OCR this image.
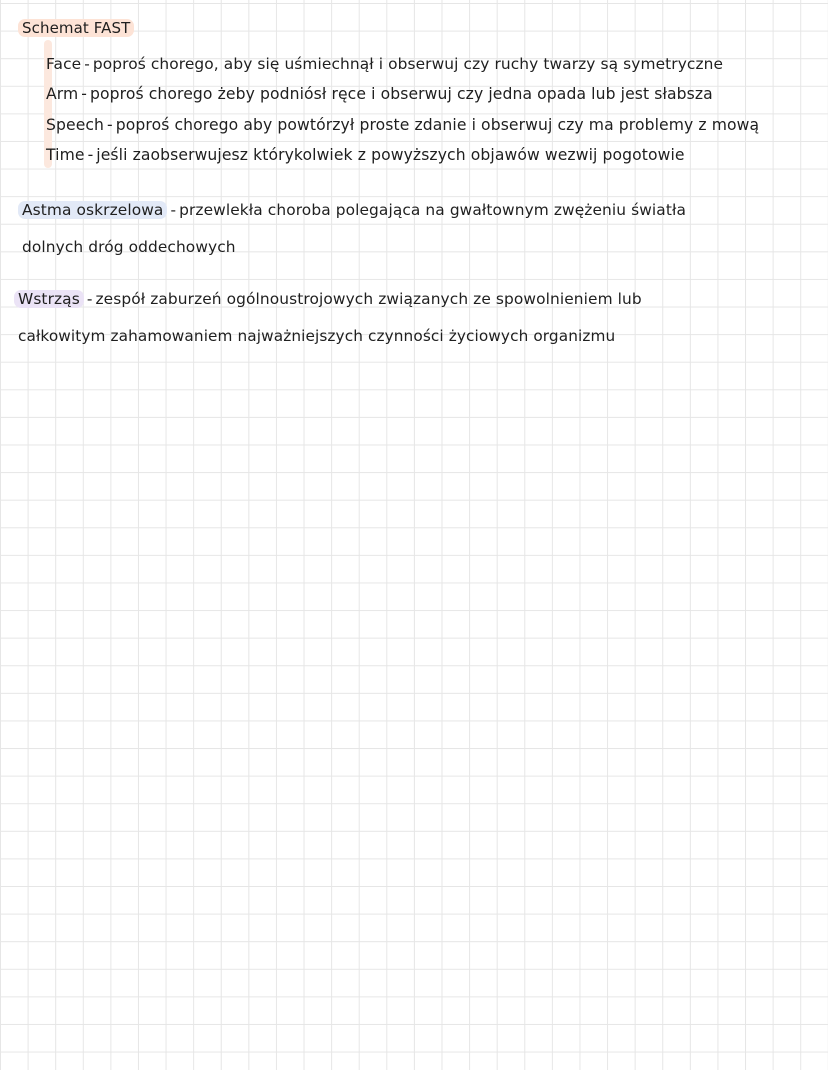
Schemat FAST
Face - poproś chorego, aby się uśmiechnął i obserwuj czy ruchy twarzy są symetryczne
Arm - poproś chorego żeby podniósł ręce i obserwuj czy jedna opada lub jest słabsza
Speech - poproś chorego aby powtórzył proste zdanie i obserwuj czy ma problemy z mową
Time - jeśli zaobserwujesz którykolwiek z powyższych objawów wezwij pogotowie
Astma oskrzelowa - przewlekła choroba polegająca na gwałtownym zwężeniu światła
dolnych dróg oddechowych
Wstrząs - zespół zaburzeń ogólnoustrojowych związanych ze spowolnieniem lub
całkowitym zahamowaniem najważniejszych czynności życiowych organizmu
